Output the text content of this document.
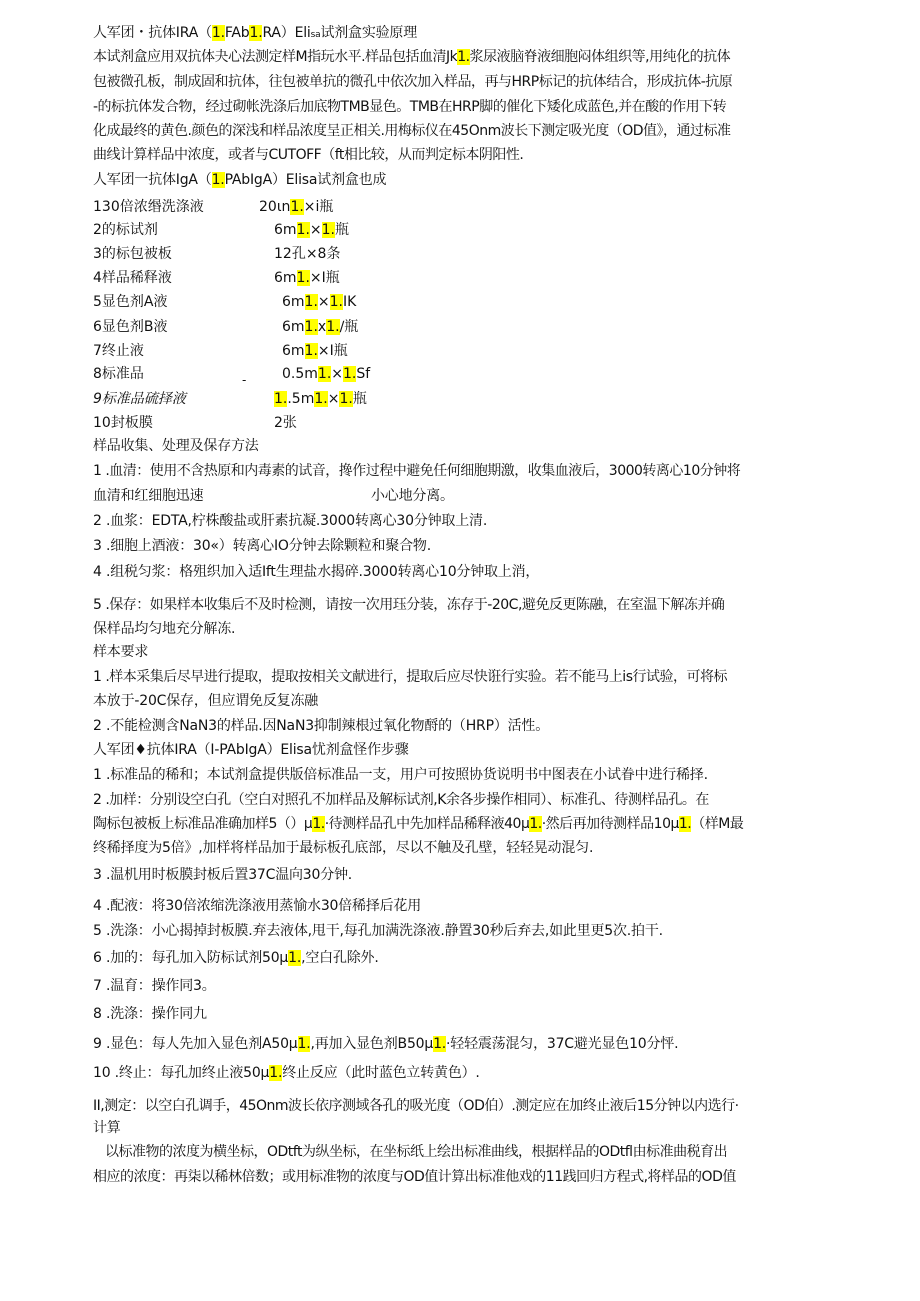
人军团・抗体IRA（1.FAb1.RA）Elisa试剂盒实验原理
本试剂盒应用双抗体夬心法测定样M指玩水平.样品包括血清Jk1.浆尿液脑脊液细胞闷体组织等,用纯化的抗体
包被微孔板，制成固和抗体，往包被单抗的微孔中依次加入样品，再与HRP标记的抗体结合，形成抗体-抗原
-的标抗体发合物，经过砌帐洗涤后加底物TMB显色。TMB在HRP脚的催化下矮化成蓝色,并在酸的作用下转
化成最终的黄色.颜色的深浅和样品浓度呈正相关.用梅标仪在45Onm波长下测定吸光度（OD值》，通过标准
曲线计算样品中浓度，或者与CUTOFF（ft相比较，从而判定标本阴阳性.
人军团一抗体IgA（1.PAbIgA）Elisa试剂盒也成
130倍浓缗洗涤液	20ιn1.×i瓶
2的标试剂	6m1.×1.瓶
3的标包被板	12孔×8条
4样品稀释液	6m1.×I瓶
5显色剂A液	6m1.×1.IK
6显色剂B液	6m1.x1.∕瓶
7终止液	6m1.×I瓶
8标准品	0.5m1.×1.Sf
-
9标准品硫择液	1..5m1.×1.瓶
10封板膜	2张
样品收集、处理及保存方法
1 .血清：使用不含热原和内毒素的试音，搀作过程中避免任何细胞期激，收集血液后，3000转离心10分钟将
血清和红细胞迅速	小心地分离。
2 .血浆：EDTA,柠株酸盐或肝素抗凝.3000转离心30分钟取上清.
3 .细胞上酒液：30«）转离心IO分钟去除颗粒和聚合物.
4 .组税匀浆：格殂织加入适Ift生理盐水揭碎.3000转离心10分钟取上消，
5 .保存：如果样本收集后不及时检测，请按一次用珏分装，冻存于-20C,避免反更陈融，在室温下解冻并确
保样品均匀地充分解冻.
样本要求
1 .样本采集后尽早进行提取，提取按相关文献进行，提取后应尽快诳行实验。若不能马上is行试验，可将标
本放于-20C保存，但应谓免反复冻融
2 .不能检测含NaN3的样品.因NaN3抑制辣根过氧化物酹的（HRP）活性。
人军团♦抗体IRA（I-PAbIgA）Elisa忧剂盒怪作步骤
1 .标准品的稀和；本试剂盒提供版倍标准品一支，用户可按照协货说明书中图表在小试眷中进行稀择.
2 .加样：分别设空白孔（空白对照孔不加样品及解标试剂,K余各步操作相同）、标准孔、待测样品孔。在
陶标包被板上标准品准确加样5（）μ1.·待测样品孔中先加样品稀释液40μ1.·然后再加待测样品10μ1.（样M最
终稀择度为5倍》,加样将样品加于最标板孔底部，尽以不触及孔壁，轻轻晃动混匀.
3 .温机用时板膜封板后置37C温向30分钟.
4 .配液：将30倍浓缩洗涤液用蒸愉水30倍稀择后花用
5 .洗涤：小心揭掉封板膜.弃去液体,甩干,每孔加满洗涤液.静置30秒后弃去,如此里更5次.拍干.
6 .加的：每孔加入防标试剂50μ1.,空白孔除外.
7 .温育：操作同3。
8 .洗涤：操作同九
9 .显色：每人先加入显色剂A50μ1.,再加入显色剂B50μ1.·轻轻震荡混匀，37C避光显色10分怦.
10 .终止：每孔加终止液50μ1.终止反应（此时蓝色立转黄色）.
II,测定：以空白孔调手，45Onm波长依序测域各孔的吸光度（OD伯）.测定应在加终止液后15分钟以内选行·
计算
以标准物的浓度为横坐标，ODtft为纵坐标，在坐标纸上绘出标准曲线，根据样品的ODtfl由标准曲税育出
相应的浓度：再柒以稀林倍数；或用标准物的浓度与OD值计算出标准他戏的11践回归方程式,将样品的OD值
